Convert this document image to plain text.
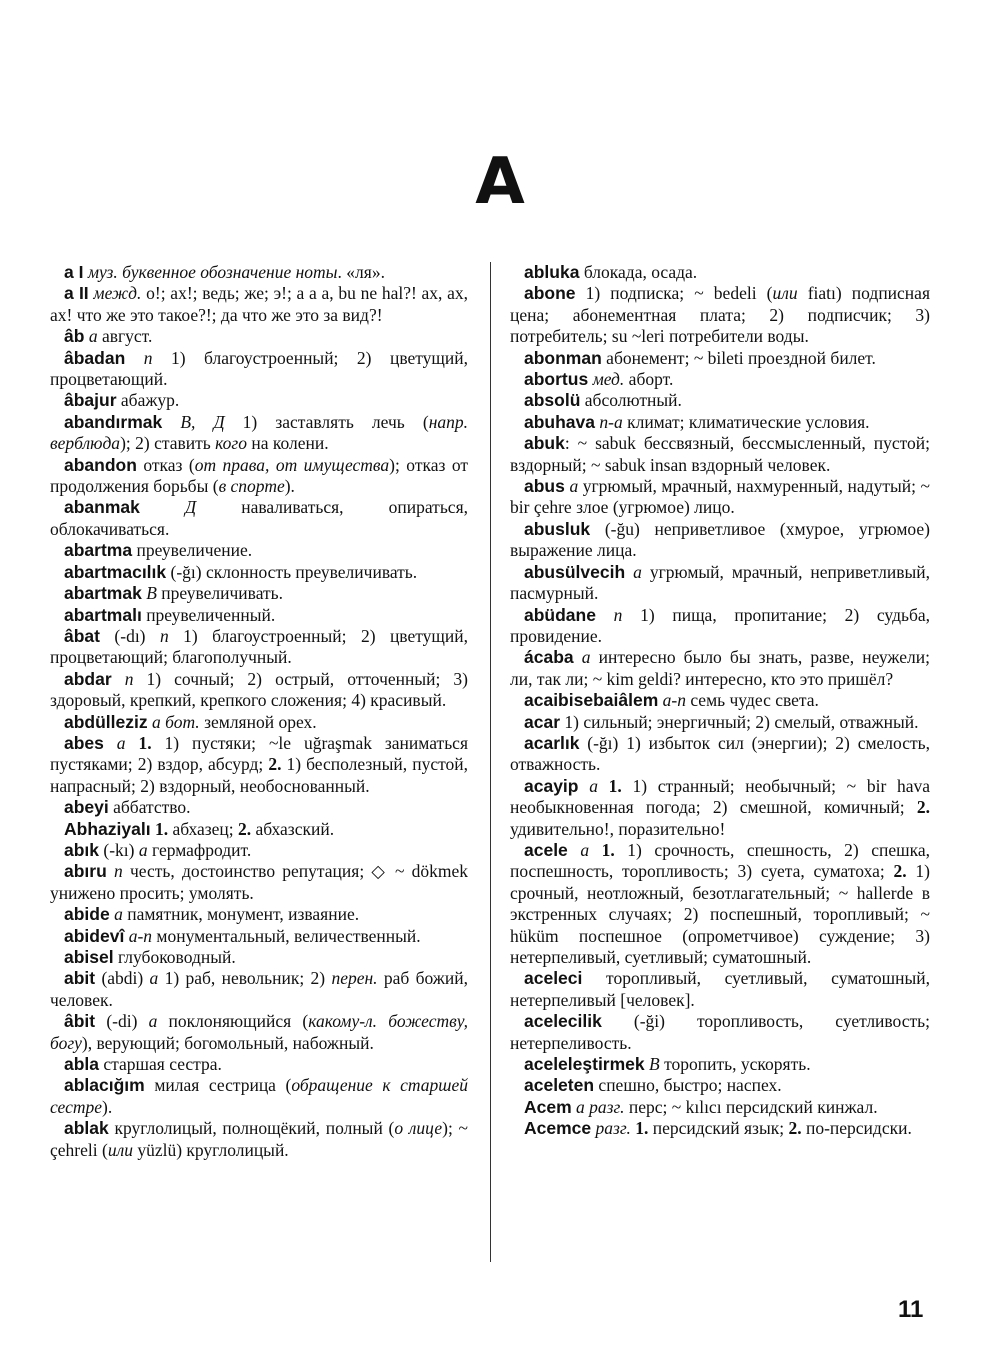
A

a I муз. буквенное обозначение ноты. «ля».

a II межд. о!; ах!; ведь; же; э!; а а а, bu ne hal?! ах, ах, ах! что же это такое?!; да что же это за вид?!

âb a август.

âbadan n 1) благоустроенный; 2) цветущий, процветающий.

âbajur абажур.

abandırmak В, Д 1) заставлять лечь (напр. верблюда); 2) ставить кого на колени.

abandon отказ (от права, от имущества); отказ от продолжения борьбы (в спорте).

abanmak	Д наваливаться, опираться, облокачиваться.

abartma преувеличение.

abartmacılık (-ğı) склонность преувеличивать.

abartmak В преувеличивать.

abartmalı преувеличенный.

âbat (-dı) n 1) благоустроенный; 2) цветущий, процветающий; благополучный.

abdar n 1) сочный; 2) острый, отточенный; 3) здоровый, крепкий, крепкого сложения; 4) красивый.

abdülleziz a бот. земляной орех.

abes a 1. 1) пустяки; ~le uğraşmak заниматься пустяками; 2) вздор, абсурд; 2. 1) бесполезный, пустой, напрасный; 2) вздорный, необоснованный.

abeyi аббатство.

Abhaziyalı 1. абхазец; 2. абхазский.

abık (-kı) a гермафродит.

abıru n честь, достоинство репутация; ◇ ~ dökmek унижено просить; умолять.

abide a памятник, монумент, изваяние.

abidevî a-n монументальный, величественный.

abisel глубоководный.

abit (abdi) a 1) раб, невольник; 2) перен. раб божий, человек.

âbit (-di) a поклоняющийся (какому-л. божеству, богу), верующий; богомольный, набожный.

abla старшая сестра.

ablacığım милая сестрица (обращение к старшей сестре).

ablak круглолицый, полнощёкий, полный (о лице); ~ çehreli (или yüzlü) круглолицый.

abluka блокада, осада.

abone 1) подписка; ~ bedeli (или fiatı) подписная цена; абонементная плата; 2) подписчик; 3) потребитель; su ~leri потребители воды.

abonman абонемент; ~ bileti проездной билет.

abortus мед. аборт.

absolü абсолютный.

abuhava n-a климат; климатические условия.

abuk: ~ sabuk бессвязный, бессмысленный, пустой; вздорный; ~ sabuk insan вздорный человек.

abus a угрюмый, мрачный, нахмуренный, надутый; ~ bir çehre злое (угрюмое) лицо.

abusluk (-ğu) неприветливое (хмурое, угрюмое) выражение лица.

abusülvecih a угрюмый, мрачный, неприветливый, пасмурный.

abüdane n 1) пища, пропитание; 2) судьба, провидение.

ácaba a интересно было бы знать, разве, неужели; ли, так ли; ~ kim geldi? интересно, кто это пришёл?

acaibisebaiâlem a-n семь чудес света.

acar 1) сильный; энергичный; 2) смелый, отважный.

acarlık (-ğı) 1) избыток сил (энергии); 2) смелость, отважность.

acayip a 1. 1) странный; необычный; ~ bir hava необыкновенная погода; 2) смешной, комичный; 2. удивительно!, поразительно!

acele a 1. 1) срочность, спешность, 2) спешка, поспешность, торопливость; 3) суета, суматоха; 2. 1) срочный, неотложный, безотлагательный; ~ hallerde в экстренных случаях; 2) поспешный, торопливый; ~ hüküm поспешное (опрометчивое) суждение; 3) нетерпеливый, суетливый; суматошный.

aceleci торопливый, суетливый, суматошный, нетерпеливый [человек].

acelecilik (-ği) торопливость, суетливость; нетерпеливость.

aceleleştirmek В торопить, ускорять.

aceleten спешно, быстро; наспех.

Acem a разг. перс; ~ kılıcı персидский кинжал.

Acemce разг. 1. персидский язык; 2. по-персидски.

11
